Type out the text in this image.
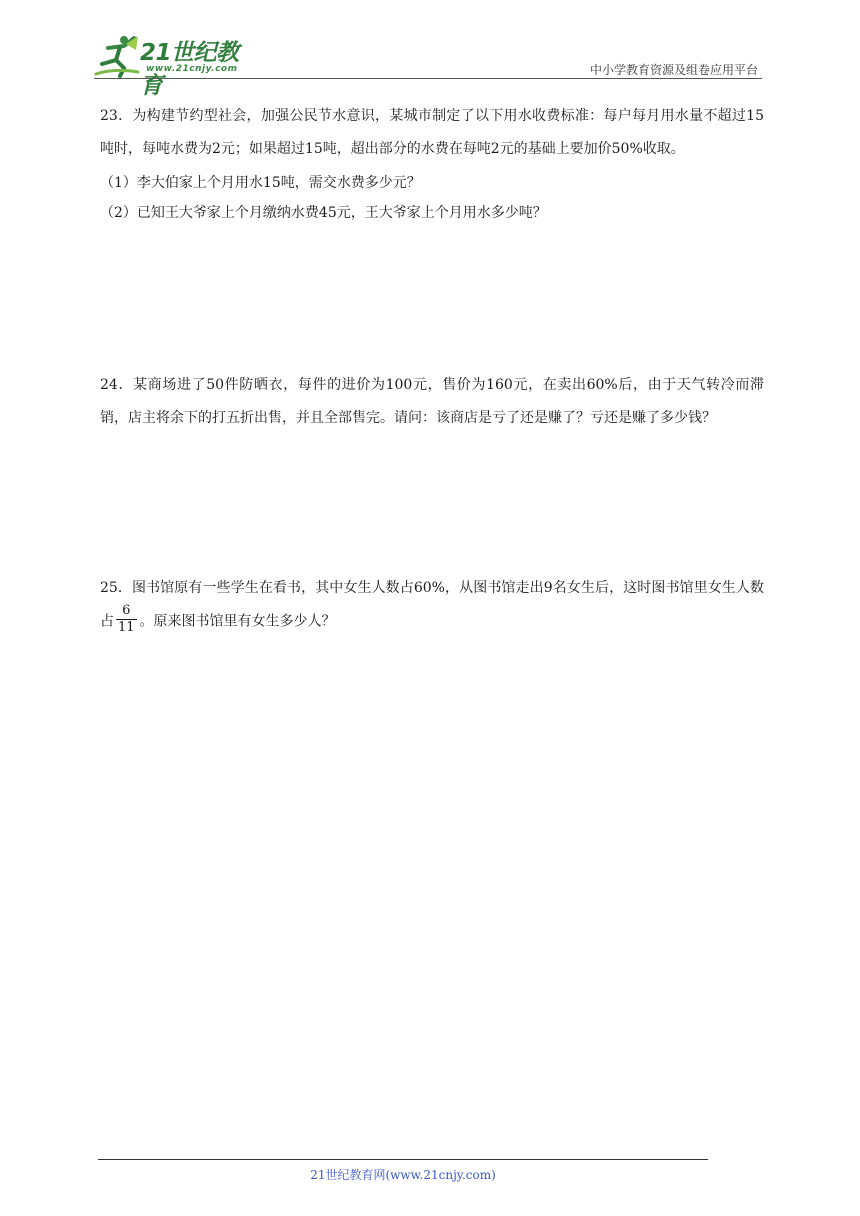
21世纪教育
www.21cnjy.com	中小学教育资源及组卷应用平台

23．为构建节约型社会，加强公民节水意识，某城市制定了以下用水收费标准：每户每月用水量不超过15吨时，每吨水费为2元；如果超过15吨，超出部分的水费在每吨2元的基础上要加价50%收取。

（1）李大伯家上个月用水15吨，需交水费多少元？

（2）已知王大爷家上个月缴纳水费45元，王大爷家上个月用水多少吨？

24．某商场进了50件防晒衣，每件的进价为100元，售价为160元，在卖出60%后，由于天气转冷而滞销，店主将余下的打五折出售，并且全部售完。请问：该商店是亏了还是赚了？亏还是赚了多少钱？

25．图书馆原有一些学生在看书，其中女生人数占60%，从图书馆走出9名女生后，这时图书馆里女生人数占 $\frac{6}{11}$ 。原来图书馆里有女生多少人？

21世纪教育网(www.21cnjy.com)
